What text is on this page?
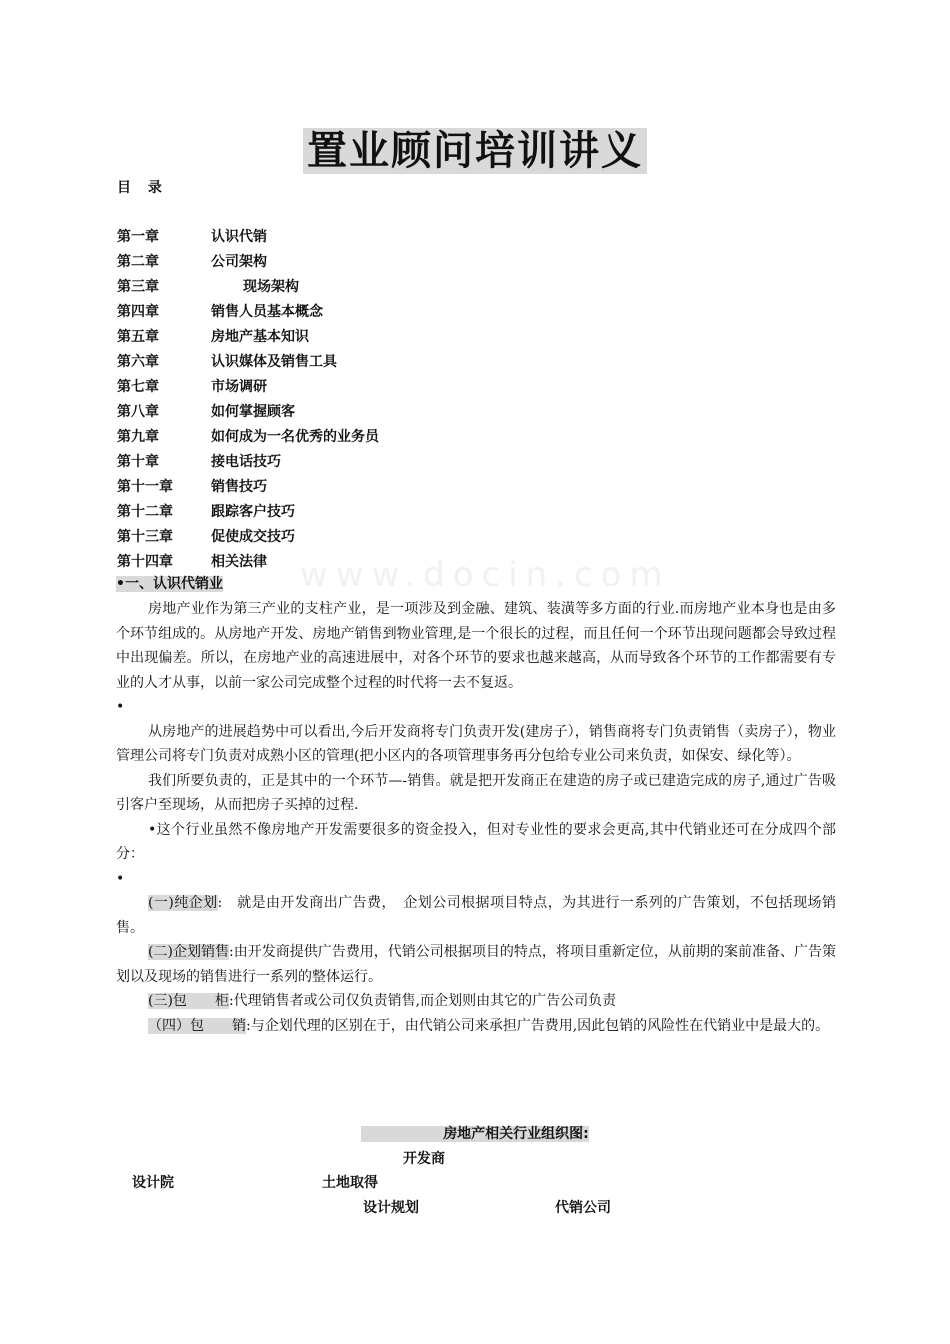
www.docin.com
置业顾问培训讲义
目 录
第一章	认识代销
第二章	公司架构
第三章	现场架构
第四章	销售人员基本概念
第五章	房地产基本知识
第六章	认识媒体及销售工具
第七章	市场调研
第八章	如何掌握顾客
第九章	如何成为一名优秀的业务员
第十章	接电话技巧
第十一章	销售技巧
第十二章	跟踪客户技巧
第十三章	促使成交技巧
第十四章	相关法律
•一、认识代销业

房地产业作为第三产业的支柱产业，是一项涉及到金融、建筑、装潢等多方面的行业.而房地产业本身也是由多个环节组成的。从房地产开发、房地产销售到物业管理,是一个很长的过程，而且任何一个环节出现问题都会导致过程中出现偏差。所以，在房地产业的高速进展中，对各个环节的要求也越来越高，从而导致各个环节的工作都需要有专业的人才从事，以前一家公司完成整个过程的时代将一去不复返。

•

从房地产的进展趋势中可以看出,今后开发商将专门负责开发(建房子），销售商将专门负责销售（卖房子），物业管理公司将专门负责对成熟小区的管理(把小区内的各项管理事务再分包给专业公司来负责，如保安、绿化等）。

我们所要负责的，正是其中的一个环节—-销售。就是把开发商正在建造的房子或已建造完成的房子,通过广告吸引客户至现场，从而把房子买掉的过程.

•这个行业虽然不像房地产开发需要很多的资金投入，但对专业性的要求会更高,其中代销业还可在分成四个部分：

•

(一)纯企划:　就是由开发商出广告费，　企划公司根据项目特点，为其进行一系列的广告策划，不包括现场销售。

(二)企划销售:由开发商提供广告费用，代销公司根据项目的特点，将项目重新定位，从前期的案前准备、广告策划以及现场的销售进行一系列的整体运行。

(三)包　　柜:代理销售者或公司仅负责销售,而企划则由其它的广告公司负责

（四）包　　销:与企划代理的区别在于，由代销公司来承担广告费用,因此包销的风险性在代销业中是最大的。

房地产相关行业组织图:
开发商
设计院	土地取得
设计规划	代销公司
